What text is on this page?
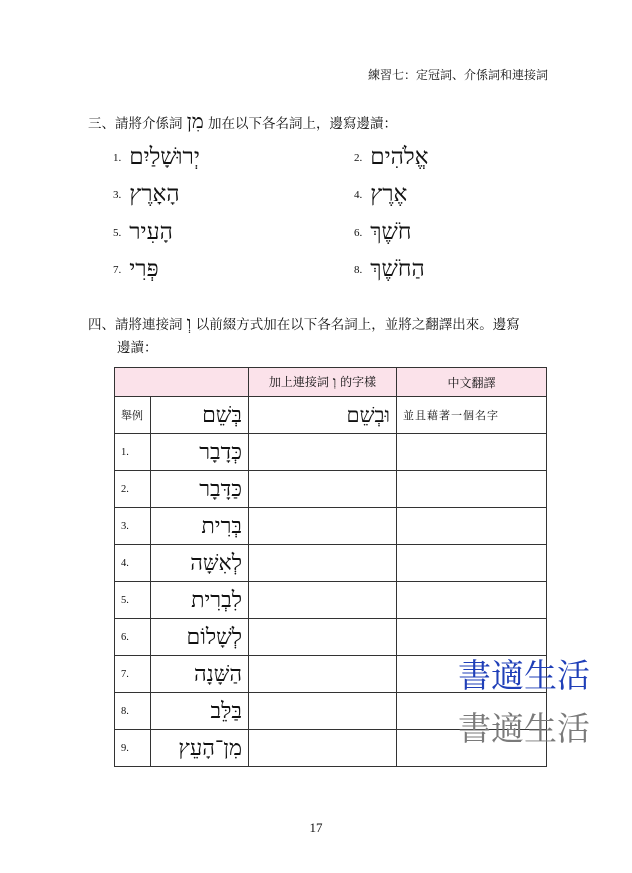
練習七：定冠詞、介係詞和連接詞
三、請將介係詞 מִן 加在以下各名詞上，邊寫邊讀：
1. יְרוּשָׁלַיִם	2. אֱלֹהִים
3. הָאָרֶץ	4. אֶרֶץ
5. הָעִיר	6. חֹשֶׁךְ
7. פְּרִי	8. הַחֹשֶׁךְ
四、請將連接詞 וְ 以前綴方式加在以下各名詞上，並將之翻譯出來。邊寫
邊讀：
		加上連接詞 וְ 的字樣	中文翻譯
舉例	בְּשֵׁם	וּבְשֵׁם	並且藉著一個名字
1.	כְּדָבָר		
2.	כַּדָּבָר		
3.	בְּרִית		
4.	לְאִשָּׁה		
5.	לִבְרִית		
6.	לְשָׁלוֹם		
7.	הַשָּׁנָה		
8.	בַּלֵּב		
9.	מִן־הָעֵץ		
書適生活
書適生活
17
